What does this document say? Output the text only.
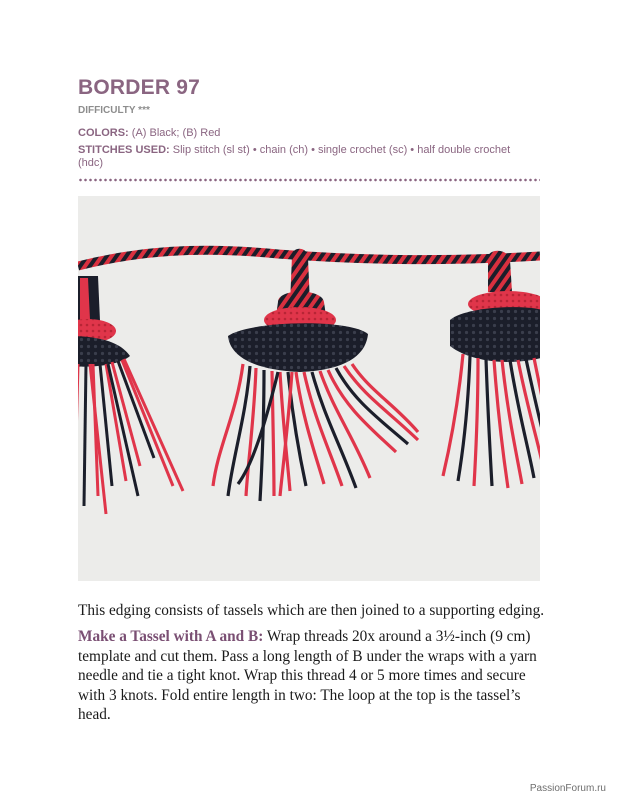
BORDER 97
DIFFICULTY ***
COLORS: (A) Black; (B) Red
STITCHES USED: Slip stitch (sl st) • chain (ch) • single crochet (sc) • half double crochet (hdc)
This edging consists of tassels which are then joined to a supporting edging.
Make a Tassel with A and B: Wrap threads 20x around a 3½-inch (9 cm) template and cut them. Pass a long length of B under the wraps with a yarn needle and tie a tight knot. Wrap this thread 4 or 5 more times and secure with 3 knots. Fold entire length in two: The loop at the top is the tassel’s head.
PassionForum.ru
